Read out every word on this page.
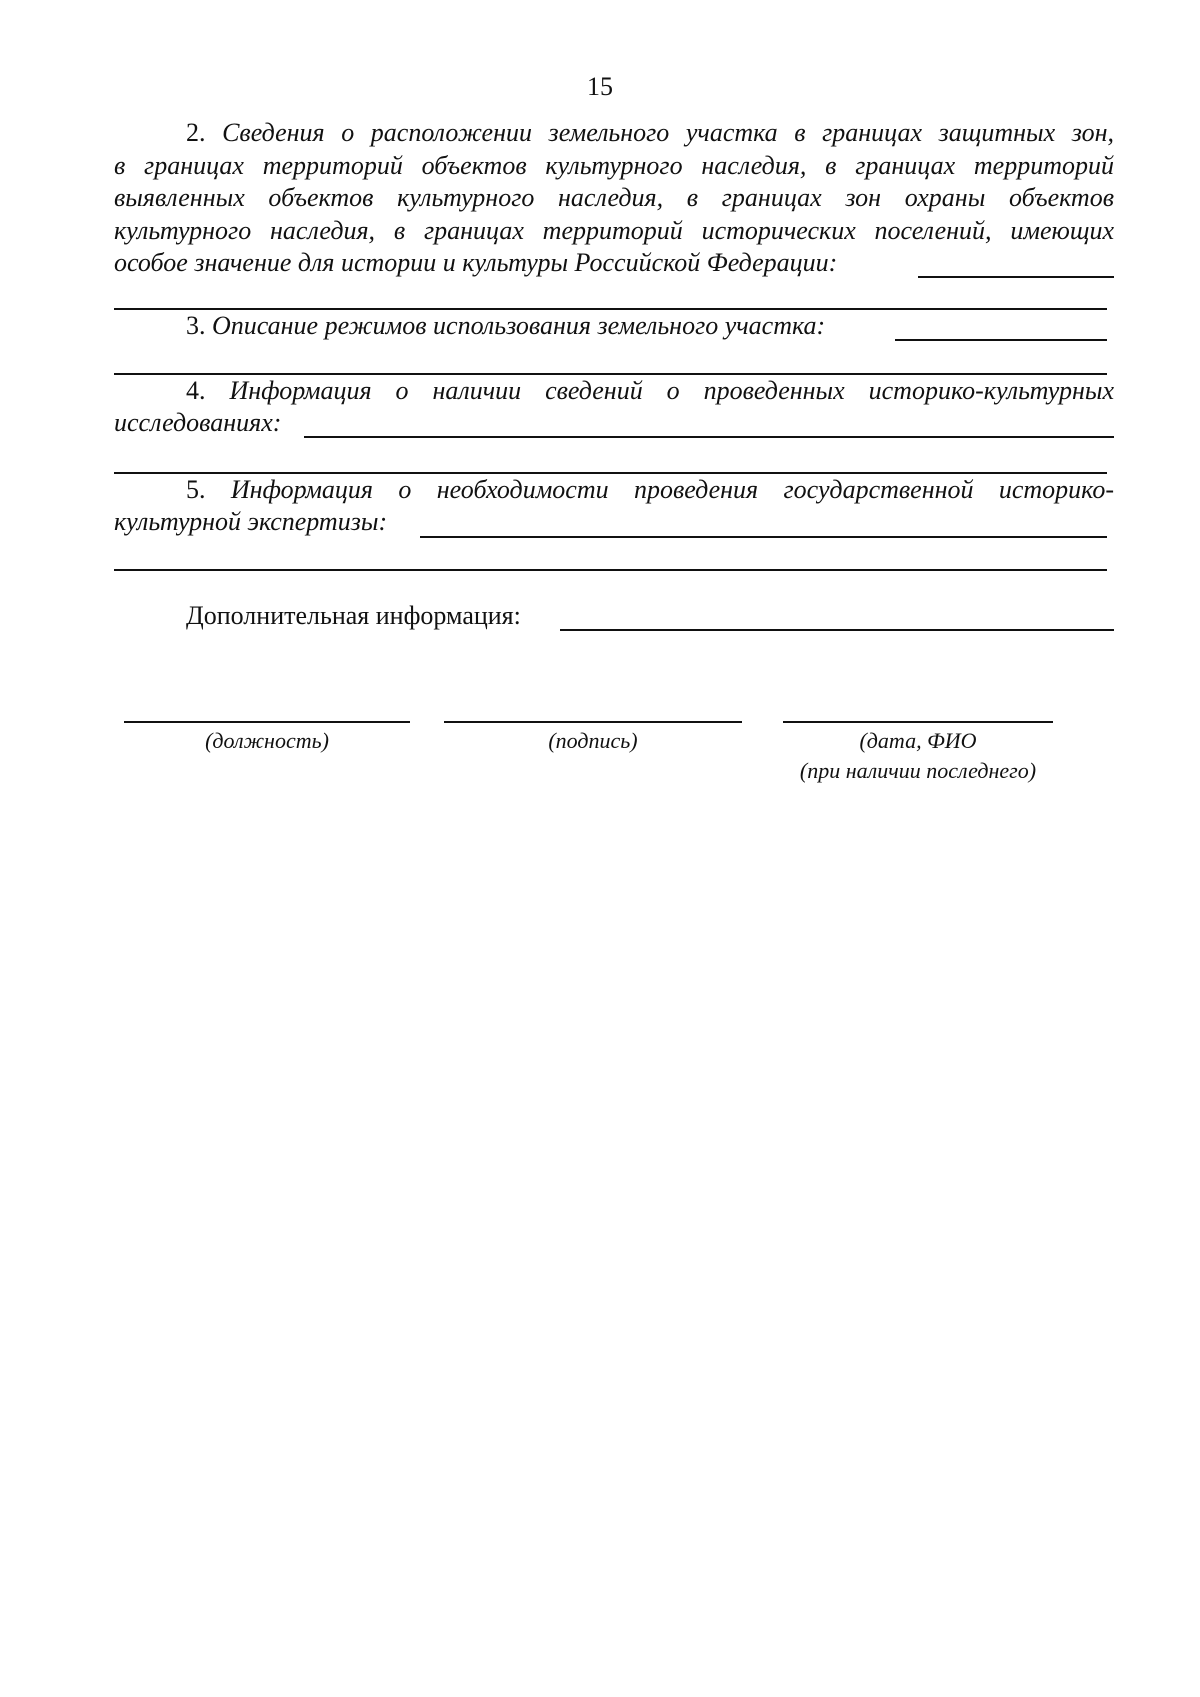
15
2. Сведения о расположении земельного участка в границах защитных зон,
в границах территорий объектов культурного наследия, в границах территорий
выявленных объектов культурного наследия, в границах зон охраны объектов
культурного наследия, в границах территорий исторических поселений, имеющих
особое значение для истории и культуры Российской Федерации:
3. Описание режимов использования земельного участка:
4. Информация о наличии сведений о проведенных историко-культурных
исследованиях:
5. Информация о необходимости проведения государственной историко-
культурной экспертизы:
Дополнительная информация:
(должность)	(подпись)	(дата, ФИО
(при наличии последнего)
